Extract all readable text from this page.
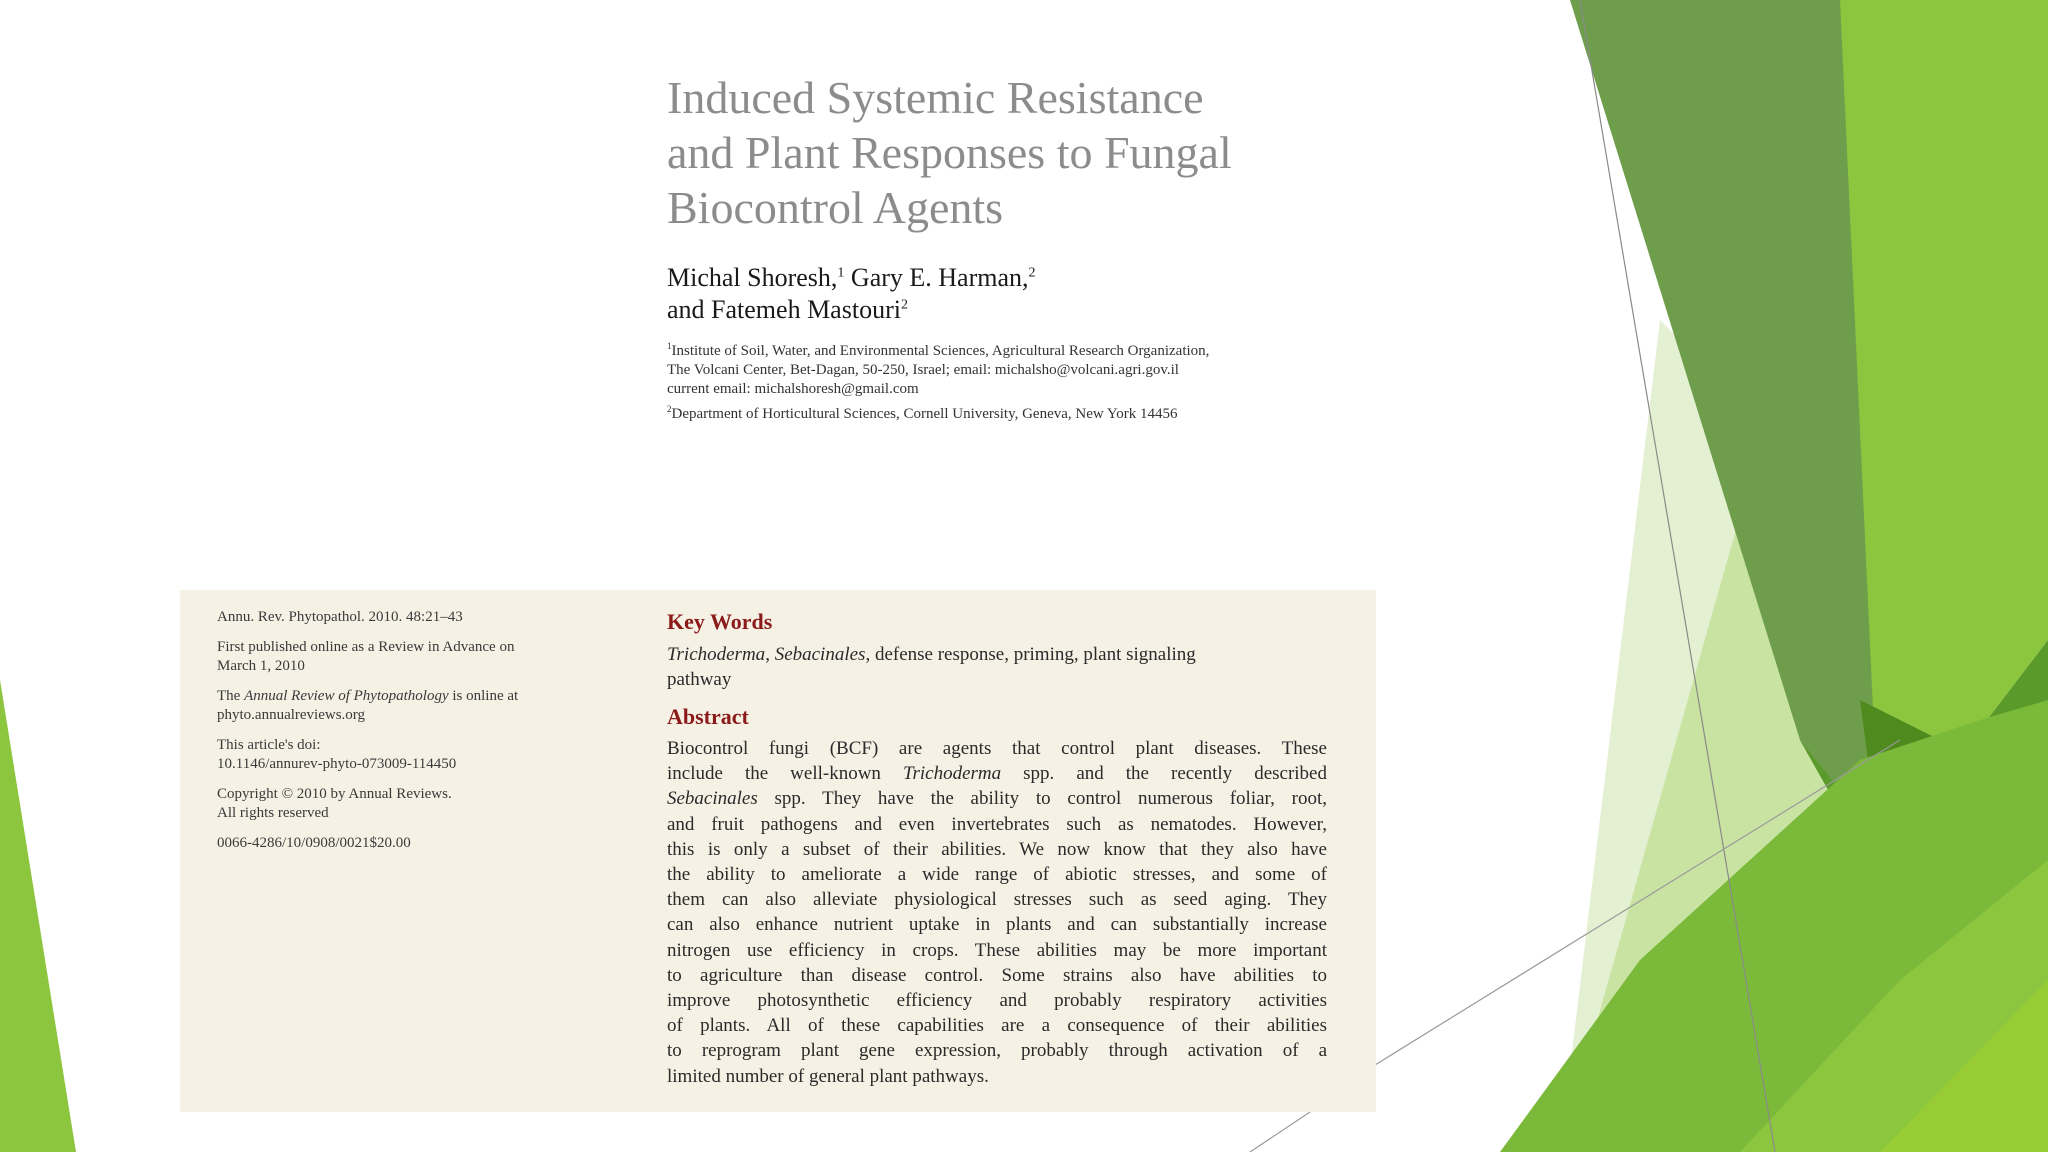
Induced Systemic Resistance
and Plant Responses to Fungal
Biocontrol Agents
Michal Shoresh,$^1$ Gary E. Harman,$^2$
and Fatemeh Mastouri$^2$
$^1$Institute of Soil, Water, and Environmental Sciences, Agricultural Research Organization,
The Volcani Center, Bet-Dagan, 50-250, Israel; email: michalsho@volcani.agri.gov.il
current email: michalshoresh@gmail.com
$^2$Department of Horticultural Sciences, Cornell University, Geneva, New York 14456
Annu. Rev. Phytopathol. 2010. 48:21–43
First published online as a Review in Advance on
March 1, 2010
The Annual Review of Phytopathology is online at
phyto.annualreviews.org
This article's doi:
10.1146/annurev-phyto-073009-114450
Copyright © 2010 by Annual Reviews.
All rights reserved
0066-4286/10/0908/0021$20.00
Key Words
Trichoderma, Sebacinales, defense response, priming, plant signaling
pathway
Abstract
Biocontrol fungi (BCF) are agents that control plant diseases. These
include the well-known Trichoderma spp. and the recently described
Sebacinales spp. They have the ability to control numerous foliar, root,
and fruit pathogens and even invertebrates such as nematodes. However,
this is only a subset of their abilities. We now know that they also have
the ability to ameliorate a wide range of abiotic stresses, and some of
them can also alleviate physiological stresses such as seed aging. They
can also enhance nutrient uptake in plants and can substantially increase
nitrogen use efficiency in crops. These abilities may be more important
to agriculture than disease control. Some strains also have abilities to
improve photosynthetic efficiency and probably respiratory activities
of plants. All of these capabilities are a consequence of their abilities
to reprogram plant gene expression, probably through activation of a
limited number of general plant pathways.
